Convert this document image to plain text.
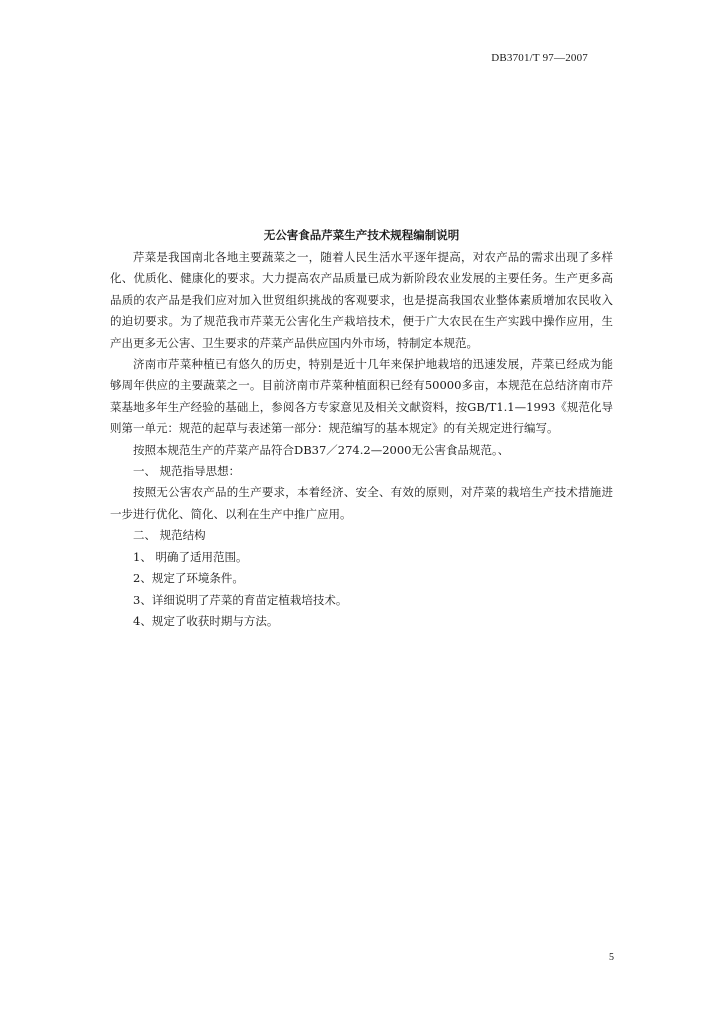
DB3701/T 97—2007
无公害食品芹菜生产技术规程编制说明

芹菜是我国南北各地主要蔬菜之一，随着人民生活水平逐年提高，对农产品的需求出现了多样化、优质化、健康化的要求。大力提高农产品质量已成为新阶段农业发展的主要任务。生产更多高品质的农产品是我们应对加入世贸组织挑战的客观要求，也是提高我国农业整体素质增加农民收入的迫切要求。为了规范我市芹菜无公害化生产栽培技术，便于广大农民在生产实践中操作应用，生产出更多无公害、卫生要求的芹菜产品供应国内外市场，特制定本规范。

济南市芹菜种植已有悠久的历史，特别是近十几年来保护地栽培的迅速发展，芹菜已经成为能够周年供应的主要蔬菜之一。目前济南市芹菜种植面积已经有50000多亩，本规范在总结济南市芹菜基地多年生产经验的基础上，参阅各方专家意见及相关文献资料，按GB/T1.1—1993《规范化导则第一单元：规范的起草与表述第一部分：规范编写的基本规定》的有关规定进行编写。

按照本规范生产的芹菜产品符合DB37／274.2—2000无公害食品规范。、

一、 规范指导思想：

按照无公害农产品的生产要求，本着经济、安全、有效的原则，对芹菜的栽培生产技术措施进一步进行优化、简化、以利在生产中推广应用。

二、 规范结构

1、 明确了适用范围。

2、规定了环境条件。

3、详细说明了芹菜的育苗定植栽培技术。

4、规定了收获时期与方法。

5
